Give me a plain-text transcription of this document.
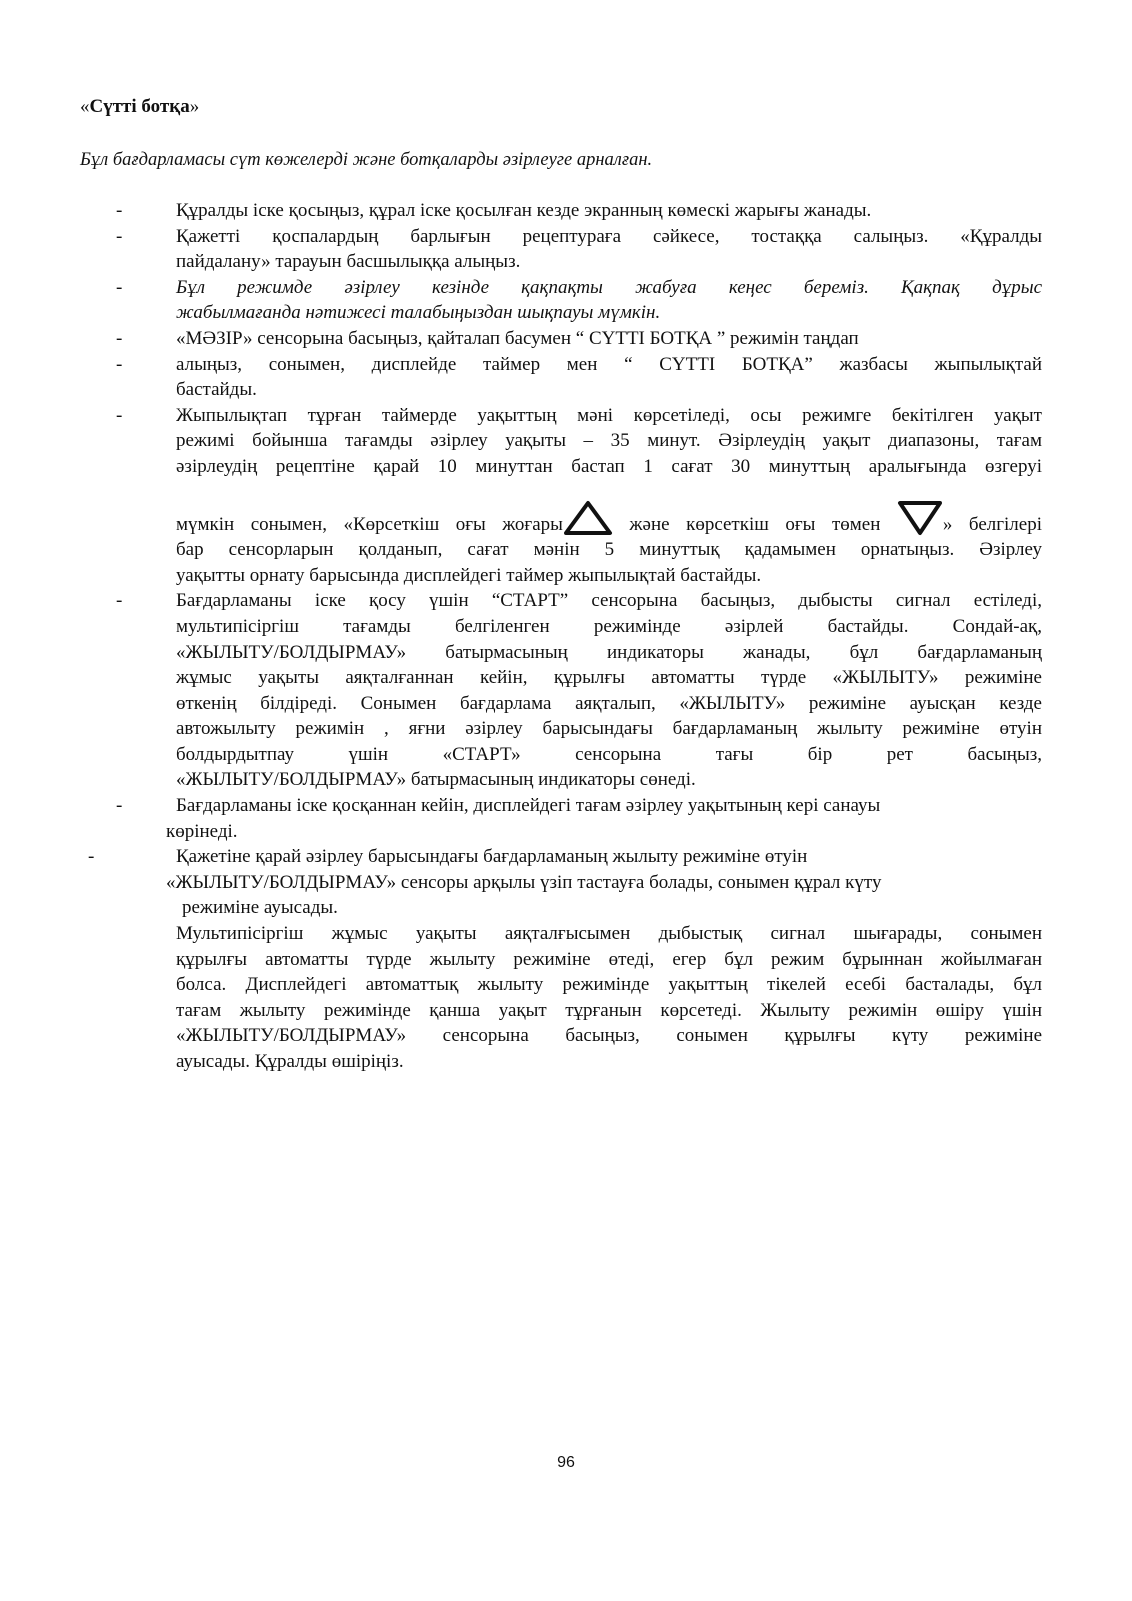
«Сүтті ботқа»
Бұл бағдарламасы сүт көжелерді және ботқаларды әзірлеуге арналған.
-	Құралды іске қосыңыз, құрал іске қосылған кезде экранның көмескі жарығы жанады.
-	Қажетті қоспалардың барлығын рецептураға сәйкесе, тостаққа салыңыз. «Құралды
пайдалану» тарауын басшылыққа алыңыз.
-	Бұл режимде әзірлеу кезінде қақпақты жабуға кеңес береміз. Қақпақ дұрыс
жабылмағанда нәтижесі талабыңыздан шықпауы мүмкін.
-	«МӘЗІР» сенсорына басыңыз, қайталап басумен “ СҮТТІ БОТҚА ” режимін таңдап
-	алыңыз, сонымен, дисплейде таймер мен “ СҮТТІ БОТҚА” жазбасы жыпылықтай
бастайды.
-	Жыпылықтап тұрған таймерде уақыттың мәні көрсетіледі, осы режимге бекітілген уақыт
режимі бойынша тағамды әзірлеу уақыты – 35 минут. Әзірлеудің уақыт диапазоны, тағам
әзірлеудің рецептіне қарай 10 минуттан бастап 1 сағат 30 минуттың аралығында өзгеруі
мүмкін сонымен, «Көрсеткіш оғы жоғары	және көрсеткіш оғы төмен » белгілері
бар сенсорларын қолданып, сағат мәнін 5 минуттық қадамымен орнатыңыз. Әзірлеу
уақытты орнату барысында дисплейдегі таймер жыпылықтай бастайды.
-	Бағдарламаны іске қосу үшін “СТАРТ” сенсорына басыңыз, дыбысты сигнал естіледі,
мультипісіргіш тағамды белгіленген режимінде әзірлей бастайды. Сондай-ақ,
«ЖЫЛЫТУ/БОЛДЫРМАУ» батырмасының индикаторы жанады, бұл бағдарламаның
жұмыс уақыты аяқталғаннан кейін, құрылғы автоматты түрде «ЖЫЛЫТУ» режиміне
өткенің білдіреді. Сонымен бағдарлама аяқталып, «ЖЫЛЫТУ» режиміне ауысқан кезде
автожылыту режимін , яғни әзірлеу барысындағы бағдарламаның жылыту режиміне өтуін
болдырдытпау үшін «СТАРТ» сенсорына тағы бір рет басыңыз,
«ЖЫЛЫТУ/БОЛДЫРМАУ» батырмасының индикаторы сөнеді.
-	Бағдарламаны іске қосқаннан кейін, дисплейдегі тағам әзірлеу уақытының кері санауы
көрінеді.
-	Қажетіне қарай әзірлеу барысындағы бағдарламаның жылыту режиміне өтуін
«ЖЫЛЫТУ/БОЛДЫРМАУ» сенсоры арқылы үзіп тастауға болады, сонымен құрал күту
режиміне ауысады.
Мультипісіргіш жұмыс уақыты аяқталғысымен дыбыстық сигнал шығарады, сонымен
құрылғы автоматты түрде жылыту режиміне өтеді, егер бұл режим бұрыннан жойылмаған
болса. Дисплейдегі автоматтық жылыту режимінде уақыттың тікелей есебі басталады, бұл
тағам жылыту режимінде қанша уақыт тұрғанын көрсетеді. Жылыту режимін өшіру үшін
«ЖЫЛЫТУ/БОЛДЫРМАУ» сенсорына басыңыз, сонымен құрылғы күту режиміне
ауысады. Құралды өшіріңіз.
96
